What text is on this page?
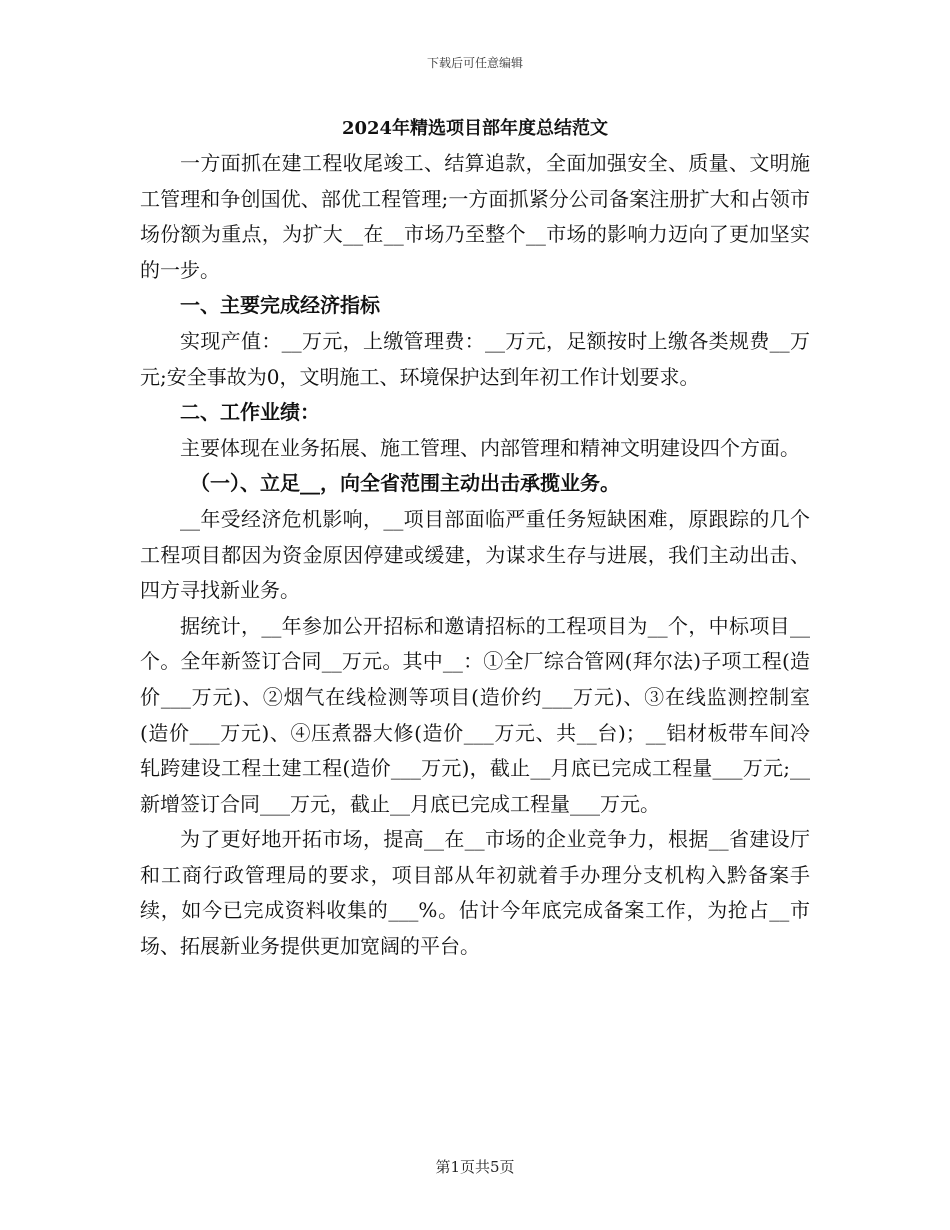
下载后可任意编辑
2024年精选项目部年度总结范文

一方面抓在建工程收尾竣工、结算追款，全面加强安全、质量、文明施工管理和争创国优、部优工程管理;一方面抓紧分公司备案注册扩大和占领市场份额为重点，为扩大__在__市场乃至整个__市场的影响力迈向了更加坚实的一步。

一、主要完成经济指标

实现产值：__万元，上缴管理费：__万元，足额按时上缴各类规费__万元;安全事故为0，文明施工、环境保护达到年初工作计划要求。

二、工作业绩：

主要体现在业务拓展、施工管理、内部管理和精神文明建设四个方面。

（一）、立足__，向全省范围主动出击承揽业务。

__年受经济危机影响，__项目部面临严重任务短缺困难，原跟踪的几个工程项目都因为资金原因停建或缓建，为谋求生存与进展，我们主动出击、四方寻找新业务。

据统计，__年参加公开招标和邀请招标的工程项目为__个，中标项目__个。全年新签订合同__万元。其中__：①全厂综合管网(拜尔法)子项工程(造价___万元)、②烟气在线检测等项目(造价约___万元)、③在线监测控制室(造价___万元)、④压煮器大修(造价___万元、共__台)；__铝材板带车间冷轧跨建设工程土建工程(造价___万元)，截止__月底已完成工程量___万元;__新增签订合同___万元，截止__月底已完成工程量___万元。

为了更好地开拓市场，提高__在__市场的企业竞争力，根据__省建设厅和工商行政管理局的要求，项目部从年初就着手办理分支机构入黔备案手续，如今已完成资料收集的___%。估计今年底完成备案工作，为抢占__市场、拓展新业务提供更加宽阔的平台。

第1页共5页
